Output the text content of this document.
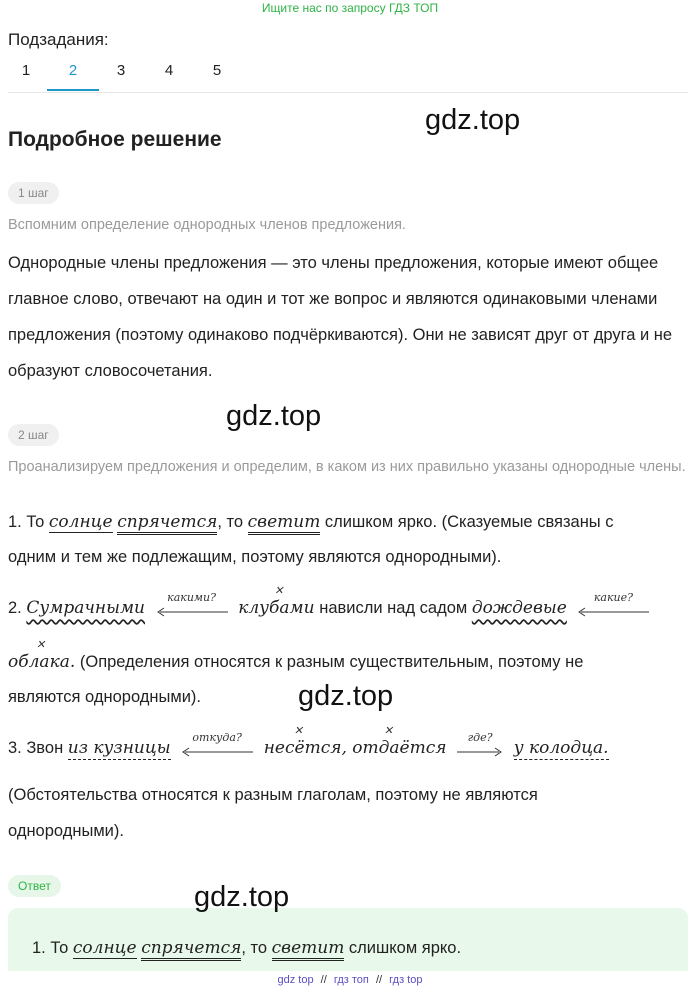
Ищите нас по запросу ГДЗ ТОП
Подзадания:
1	2	3	4	5
gdz.top
Подробное решение
1 шаг
Вспомним определение однородных членов предложения.
Однородные члены предложения — это члены предложения, которые имеют общее главное слово, отвечают на один и тот же вопрос и являются одинаковыми членами предложения (поэтому одинаково подчёркиваются). Они не зависят друг от друга и не образуют словосочетания.
gdz.top
2 шаг
Проанализируем предложения и определим, в каком из них правильно указаны однородные члены.
1. То солнце спрячется, то светит слишком ярко. (Сказуемые связаны с
одним и тем же подлежащим, поэтому являются однородными).
2. Сумрачными
какими?

✕
клубами нависли над садом дождевые
какие?
✕
облака. (Определения относятся к разным существительным, поэтому не
являются однородными).	gdz.top
3. Звон из кузницы
откуда?

✕	✕
несётся, отдаётся
где?
у колодца.
(Обстоятельства относятся к разным глаголам, поэтому не являются
однородными).
Ответ	gdz.top
1. То солнце спрячется, то светит слишком ярко.
gdz top // гдз топ // гдз top
